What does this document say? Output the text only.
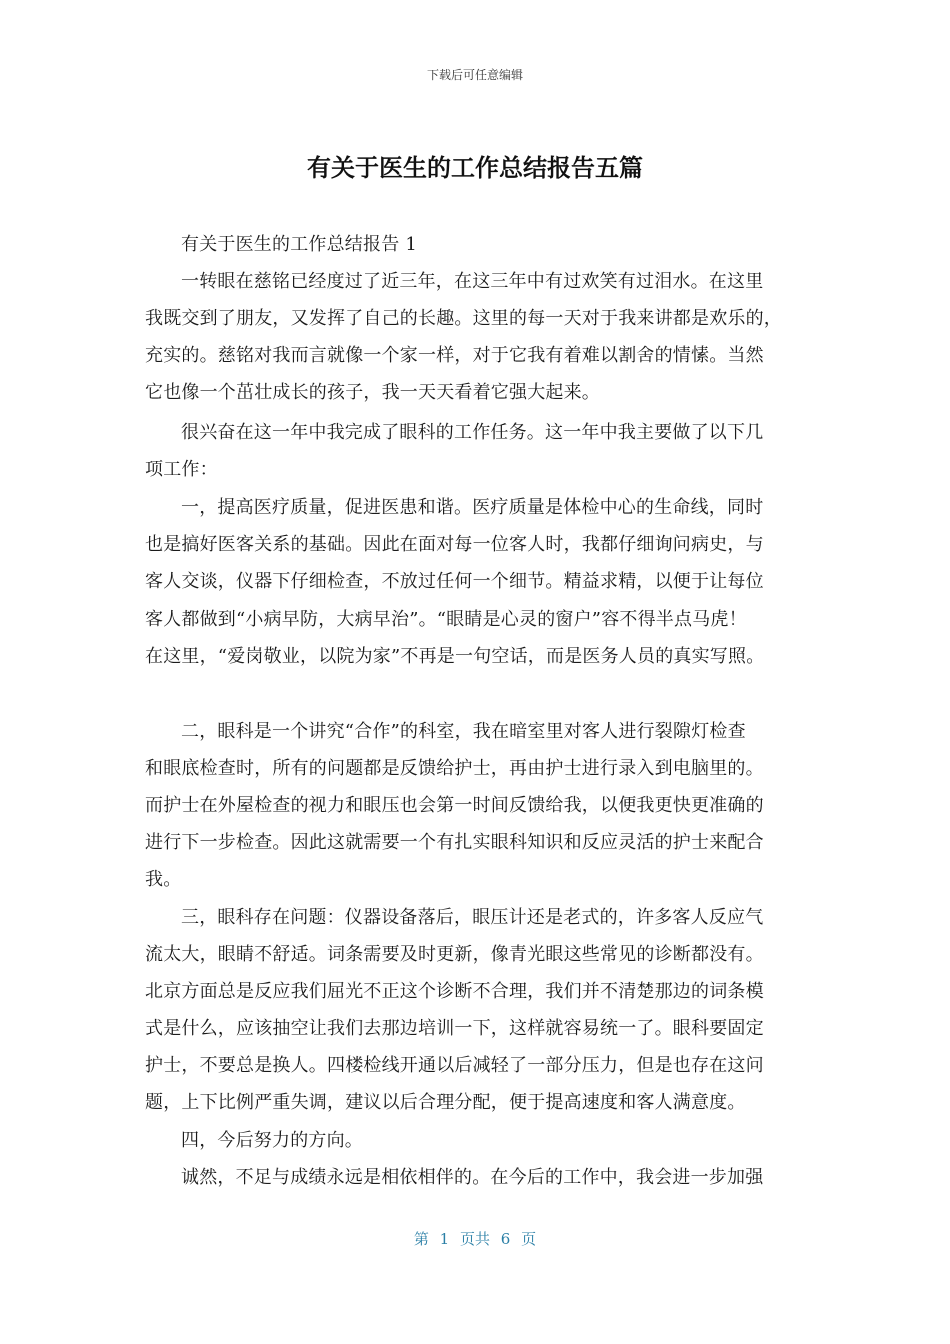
下载后可任意编辑
有关于医生的工作总结报告五篇
有关于医生的工作总结报告 1
一转眼在慈铭已经度过了近三年，在这三年中有过欢笑有过泪水。在这里
我既交到了朋友，又发挥了自己的长趣。这里的每一天对于我来讲都是欢乐的，
充实的。慈铭对我而言就像一个家一样，对于它我有着难以割舍的情愫。当然
它也像一个茁壮成长的孩子，我一天天看着它强大起来。
很兴奋在这一年中我完成了眼科的工作任务。这一年中我主要做了以下几
项工作：
一，提高医疗质量，促进医患和谐。医疗质量是体检中心的生命线，同时
也是搞好医客关系的基础。因此在面对每一位客人时，我都仔细询问病史，与
客人交谈，仪器下仔细检查，不放过任何一个细节。精益求精，以便于让每位
客人都做到“小病早防，大病早治”。“眼睛是心灵的窗户”容不得半点马虎！
在这里，“爱岗敬业，以院为家”不再是一句空话，而是医务人员的真实写照。
二，眼科是一个讲究“合作”的科室，我在暗室里对客人进行裂隙灯检查
和眼底检查时，所有的问题都是反馈给护士，再由护士进行录入到电脑里的。
而护士在外屋检查的视力和眼压也会第一时间反馈给我，以便我更快更准确的
进行下一步检查。因此这就需要一个有扎实眼科知识和反应灵活的护士来配合
我。
三，眼科存在问题：仪器设备落后，眼压计还是老式的，许多客人反应气
流太大，眼睛不舒适。词条需要及时更新，像青光眼这些常见的诊断都没有。
北京方面总是反应我们屈光不正这个诊断不合理，我们并不清楚那边的词条模
式是什么，应该抽空让我们去那边培训一下，这样就容易统一了。眼科要固定
护士，不要总是换人。四楼检线开通以后减轻了一部分压力，但是也存在这问
题，上下比例严重失调，建议以后合理分配，便于提高速度和客人满意度。
四，今后努力的方向。
诚然，不足与成绩永远是相依相伴的。在今后的工作中，我会进一步加强
第 1 页共 6 页
